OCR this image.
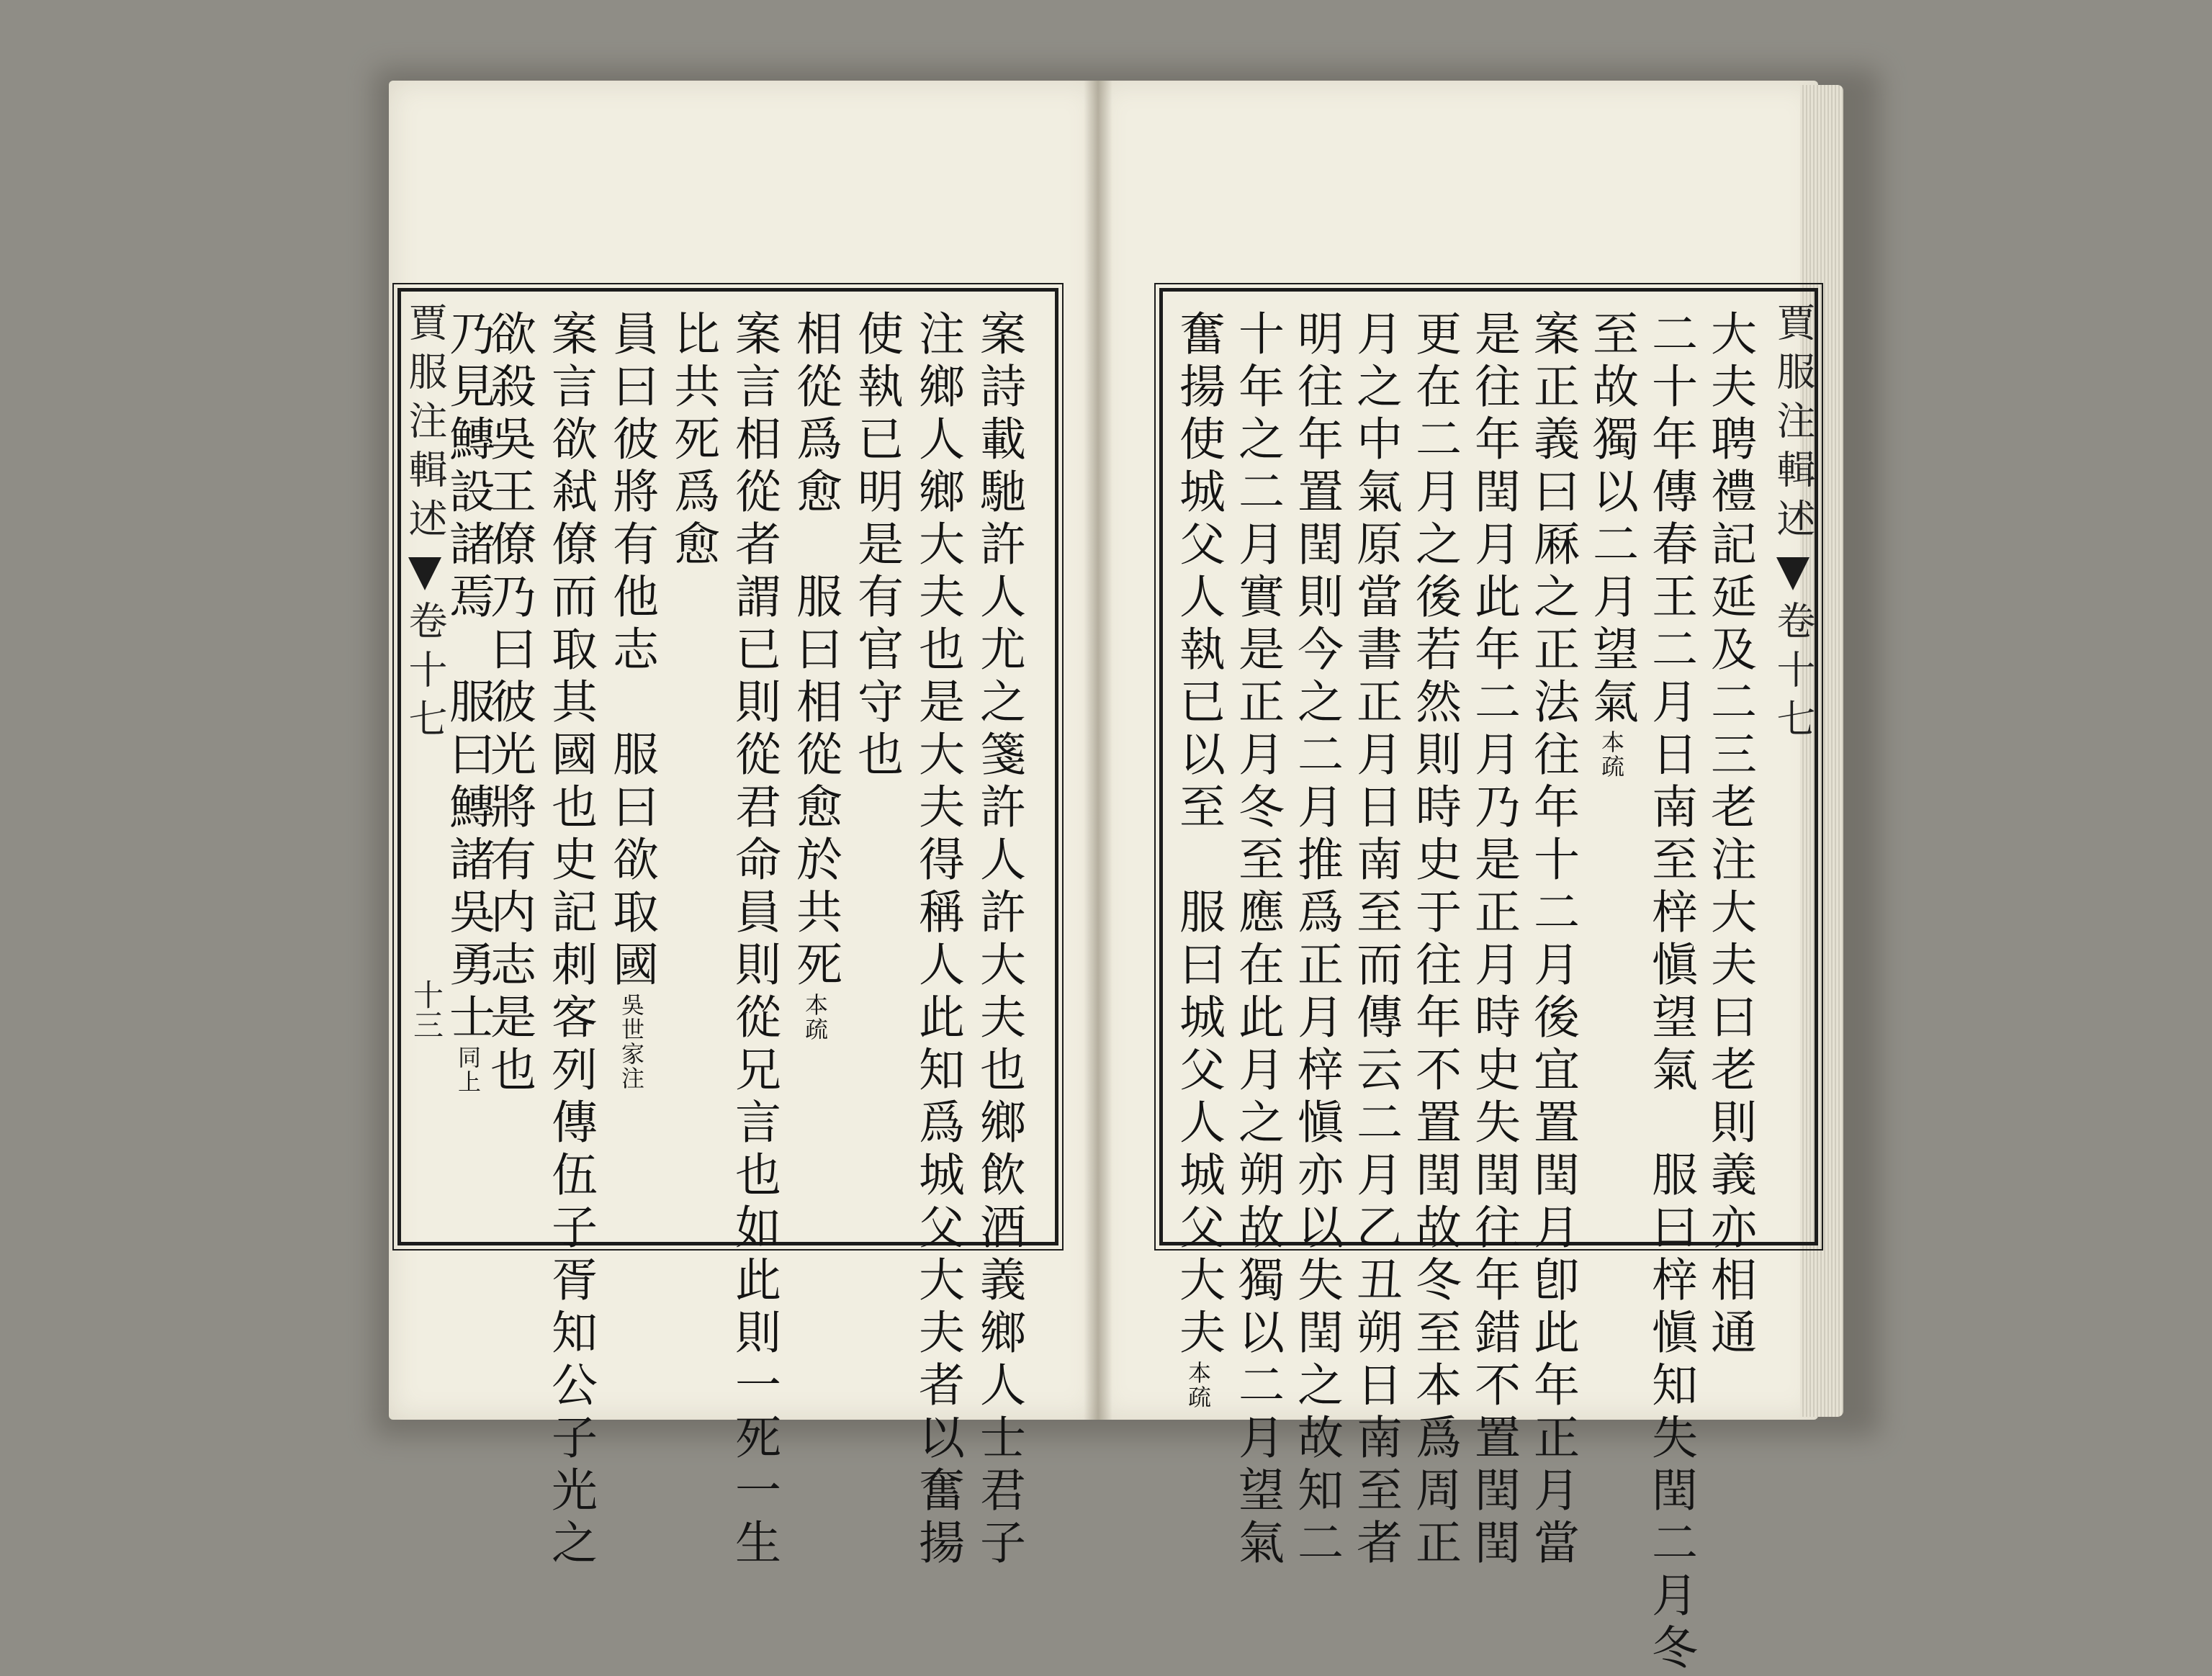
賈服注輯述卷十七
十三	案詩載馳許人尤之箋許人許大夫也鄉飲酒義鄉人士君子
注鄉人鄉大夫也是大夫得稱人此知爲城父大夫者以奮揚
使執已明是有官守也
相從爲愈　服曰相從愈於共死本疏
案言相從者謂已則從君命員則從兄言也如此則一死一生
比共死爲愈
員曰彼將有他志　服曰欲取國吳世家注
案言欲弒僚而取其國也史記刺客列傳伍子胥知公子光之
欲殺吳王僚乃曰彼光將有内志是也
乃見鱄設諸焉　服曰鱄諸吳勇士同上
賈服注輯述卷十七
大夫聘禮記延及二三老注大夫曰老則義亦相通
二十年傳春王二月日南至梓愼望氣　服曰梓愼知失閏二月冬
至故獨以二月望氣本疏
案正義曰厤之正法往年十二月後宜置閏月卽此年正月當
是往年閏月此年二月乃是正月時史失閏往年錯不置閏閏
更在二月之後若然則時史于往年不置閏故冬至本爲周正
月之中氣原當書正月日南至而傳云二月乙丑朔日南至者
明往年置閏則今之二月推爲正月梓愼亦以失閏之故知二
十年之二月實是正月冬至應在此月之朔故獨以二月望氣
奮揚使城父人執已以至　服曰城父人城父大夫本疏
